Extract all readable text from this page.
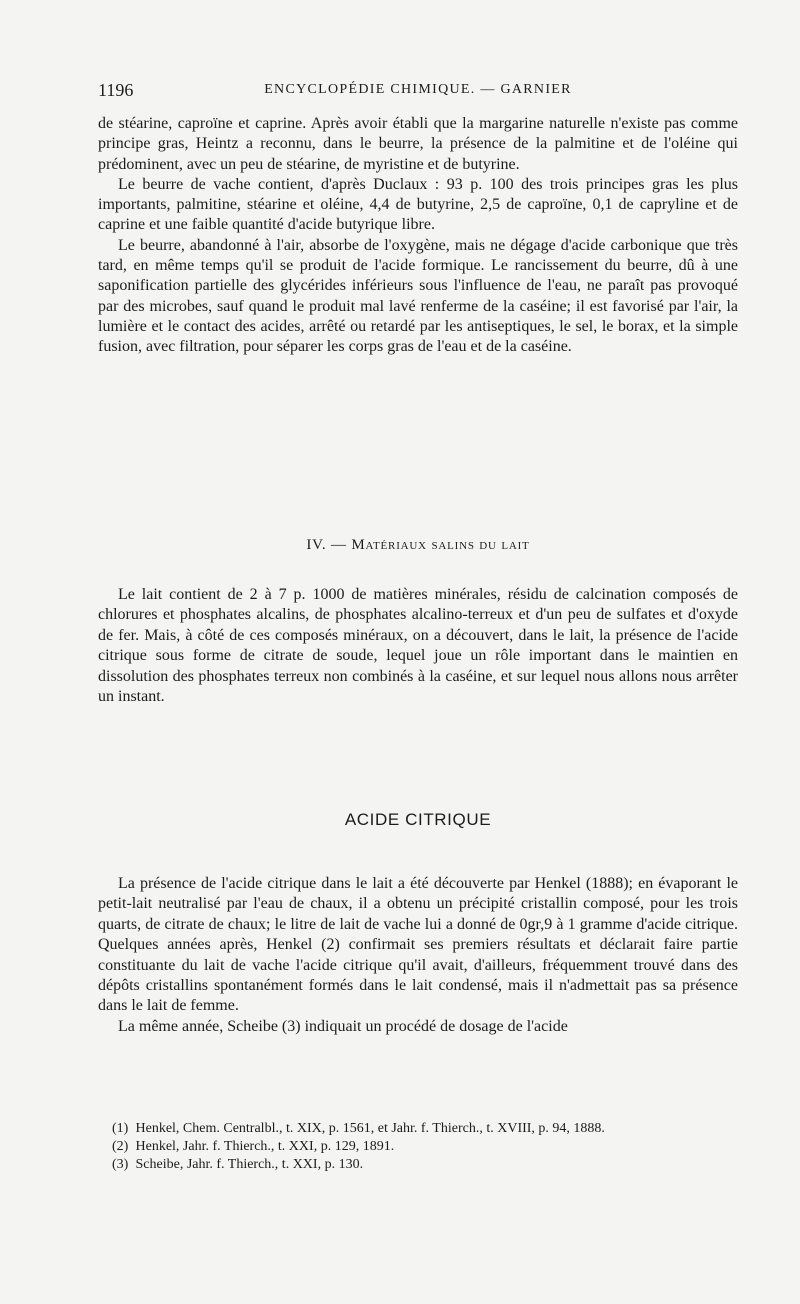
1196	ENCYCLOPÉDIE CHIMIQUE. — GARNIER

de stéarine, caproïne et caprine. Après avoir établi que la margarine naturelle n'existe pas comme principe gras, Heintz a reconnu, dans le beurre, la présence de la palmitine et de l'oléine qui prédominent, avec un peu de stéarine, de myristine et de butyrine.

Le beurre de vache contient, d'après Duclaux : 93 p. 100 des trois principes gras les plus importants, palmitine, stéarine et oléine, 4,4 de butyrine, 2,5 de caproïne, 0,1 de capryline et de caprine et une faible quantité d'acide butyrique libre.

Le beurre, abandonné à l'air, absorbe de l'oxygène, mais ne dégage d'acide carbonique que très tard, en même temps qu'il se produit de l'acide formique. Le rancissement du beurre, dû à une saponification partielle des glycérides inférieurs sous l'influence de l'eau, ne paraît pas provoqué par des microbes, sauf quand le produit mal lavé renferme de la caséine; il est favorisé par l'air, la lumière et le contact des acides, arrêté ou retardé par les antiseptiques, le sel, le borax, et la simple fusion, avec filtration, pour séparer les corps gras de l'eau et de la caséine.

IV. — Matériaux salins du lait

Le lait contient de 2 à 7 p. 1000 de matières minérales, résidu de calcination composés de chlorures et phosphates alcalins, de phosphates alcalino-terreux et d'un peu de sulfates et d'oxyde de fer. Mais, à côté de ces composés minéraux, on a découvert, dans le lait, la présence de l'acide citrique sous forme de citrate de soude, lequel joue un rôle important dans le maintien en dissolution des phosphates terreux non combinés à la caséine, et sur lequel nous allons nous arrêter un instant.

ACIDE CITRIQUE

La présence de l'acide citrique dans le lait a été découverte par Henkel (1888); en évaporant le petit-lait neutralisé par l'eau de chaux, il a obtenu un précipité cristallin composé, pour les trois quarts, de citrate de chaux; le litre de lait de vache lui a donné de 0gr,9 à 1 gramme d'acide citrique. Quelques années après, Henkel (2) confirmait ses premiers résultats et déclarait faire partie constituante du lait de vache l'acide citrique qu'il avait, d'ailleurs, fréquemment trouvé dans des dépôts cristallins spontanément formés dans le lait condensé, mais il n'admettait pas sa présence dans le lait de femme.

La même année, Scheibe (3) indiquait un procédé de dosage de l'acide

(1) Henkel, Chem. Centralbl., t. XIX, p. 1561, et Jahr. f. Thierch., t. XVIII, p. 94, 1888.

(2) Henkel, Jahr. f. Thierch., t. XXI, p. 129, 1891.

(3) Scheibe, Jahr. f. Thierch., t. XXI, p. 130.
